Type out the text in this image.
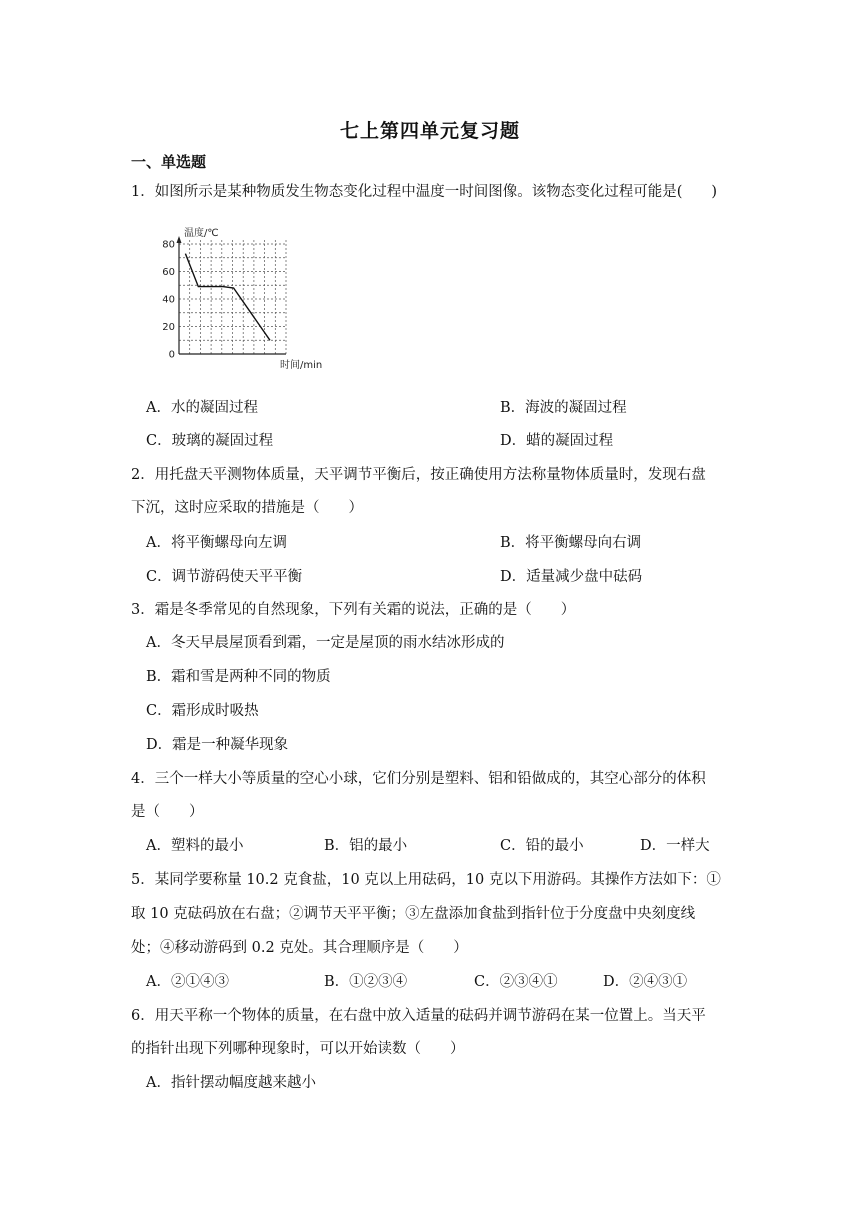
七上第四单元复习题
一、单选题
1．如图所示是某种物质发生物态变化过程中温度一时间图像。该物态变化过程可能是(　　)
0
20
40
60
80
温度/℃
时间/min
A．水的凝固过程	B．海波的凝固过程
C．玻璃的凝固过程	D．蜡的凝固过程
2．用托盘天平测物体质量，天平调节平衡后，按正确使用方法称量物体质量时，发现右盘
下沉，这时应采取的措施是（　　）
A．将平衡螺母向左调	B．将平衡螺母向右调
C．调节游码使天平平衡	D．适量减少盘中砝码
3．霜是冬季常见的自然现象，下列有关霜的说法，正确的是（　　）
A．冬天早晨屋顶看到霜，一定是屋顶的雨水结冰形成的
B．霜和雪是两种不同的物质
C．霜形成时吸热
D．霜是一种凝华现象
4．三个一样大小等质量的空心小球，它们分别是塑料、铝和铅做成的，其空心部分的体积
是（　　）
A．塑料的最小	B．铝的最小	C．铅的最小	D．一样大
5．某同学要称量 10.2 克食盐，10 克以上用砝码，10 克以下用游码。其操作方法如下：①
取 10 克砝码放在右盘；②调节天平平衡；③左盘添加食盐到指针位于分度盘中央刻度线
处；④移动游码到 0.2 克处。其合理顺序是（　　）
A．②①④③	B．①②③④	C．②③④①	D．②④③①
6．用天平称一个物体的质量，在右盘中放入适量的砝码并调节游码在某一位置上。当天平
的指针出现下列哪种现象时，可以开始读数（　　）
A．指针摆动幅度越来越小
